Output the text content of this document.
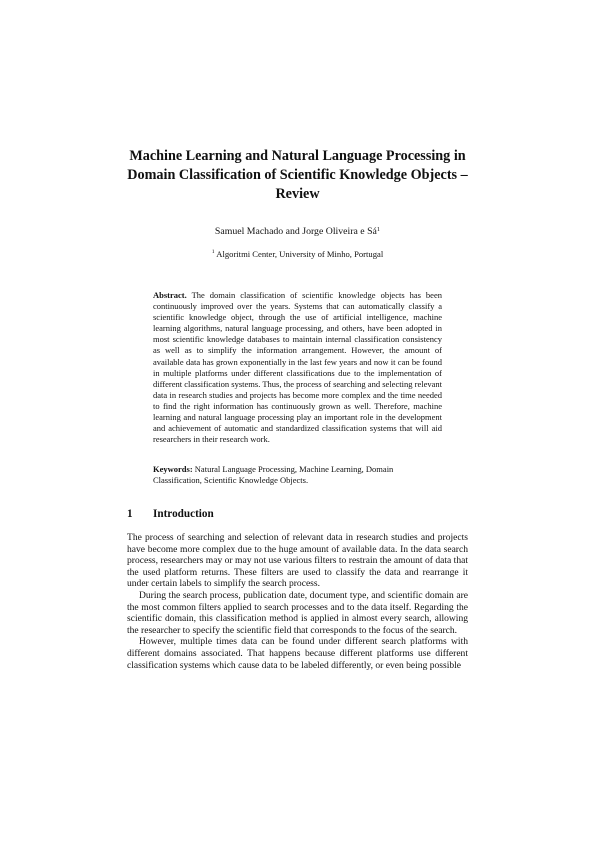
Machine Learning and Natural Language Processing in Domain Classification of Scientific Knowledge Objects – Review
Samuel Machado and Jorge Oliveira e $Sá^1$
$^1$ Algoritmi Center, University of Minho, Portugal
Abstract. The domain classification of scientific knowledge objects has been continuously improved over the years. Systems that can automatically classify a scientific knowledge object, through the use of artificial intelligence, machine learning algorithms, natural language processing, and others, have been adopted in most scientific knowledge databases to maintain internal classification consistency as well as to simplify the information arrangement. However, the amount of available data has grown exponentially in the last few years and now it can be found in multiple platforms under different classifications due to the implementation of different classification systems. Thus, the process of searching and selecting relevant data in research studies and projects has become more complex and the time needed to find the right information has continuously grown as well. Therefore, machine learning and natural language processing play an important role in the development and achievement of automatic and standardized classification systems that will aid researchers in their research work.
Keywords: Natural Language Processing, Machine Learning, Domain Classification, Scientific Knowledge Objects.
1 Introduction

The process of searching and selection of relevant data in research studies and projects have become more complex due to the huge amount of available data. In the data search process, researchers may or may not use various filters to restrain the amount of data that the used platform returns. These filters are used to classify the data and rearrange it under certain labels to simplify the search process.

During the search process, publication date, document type, and scientific domain are the most common filters applied to search processes and to the data itself. Regarding the scientific domain, this classification method is applied in almost every search, allowing the researcher to specify the scientific field that corresponds to the focus of the search.

However, multiple times data can be found under different search platforms with different domains associated. That happens because different platforms use different classification systems which cause data to be labeled differently, or even being possible
